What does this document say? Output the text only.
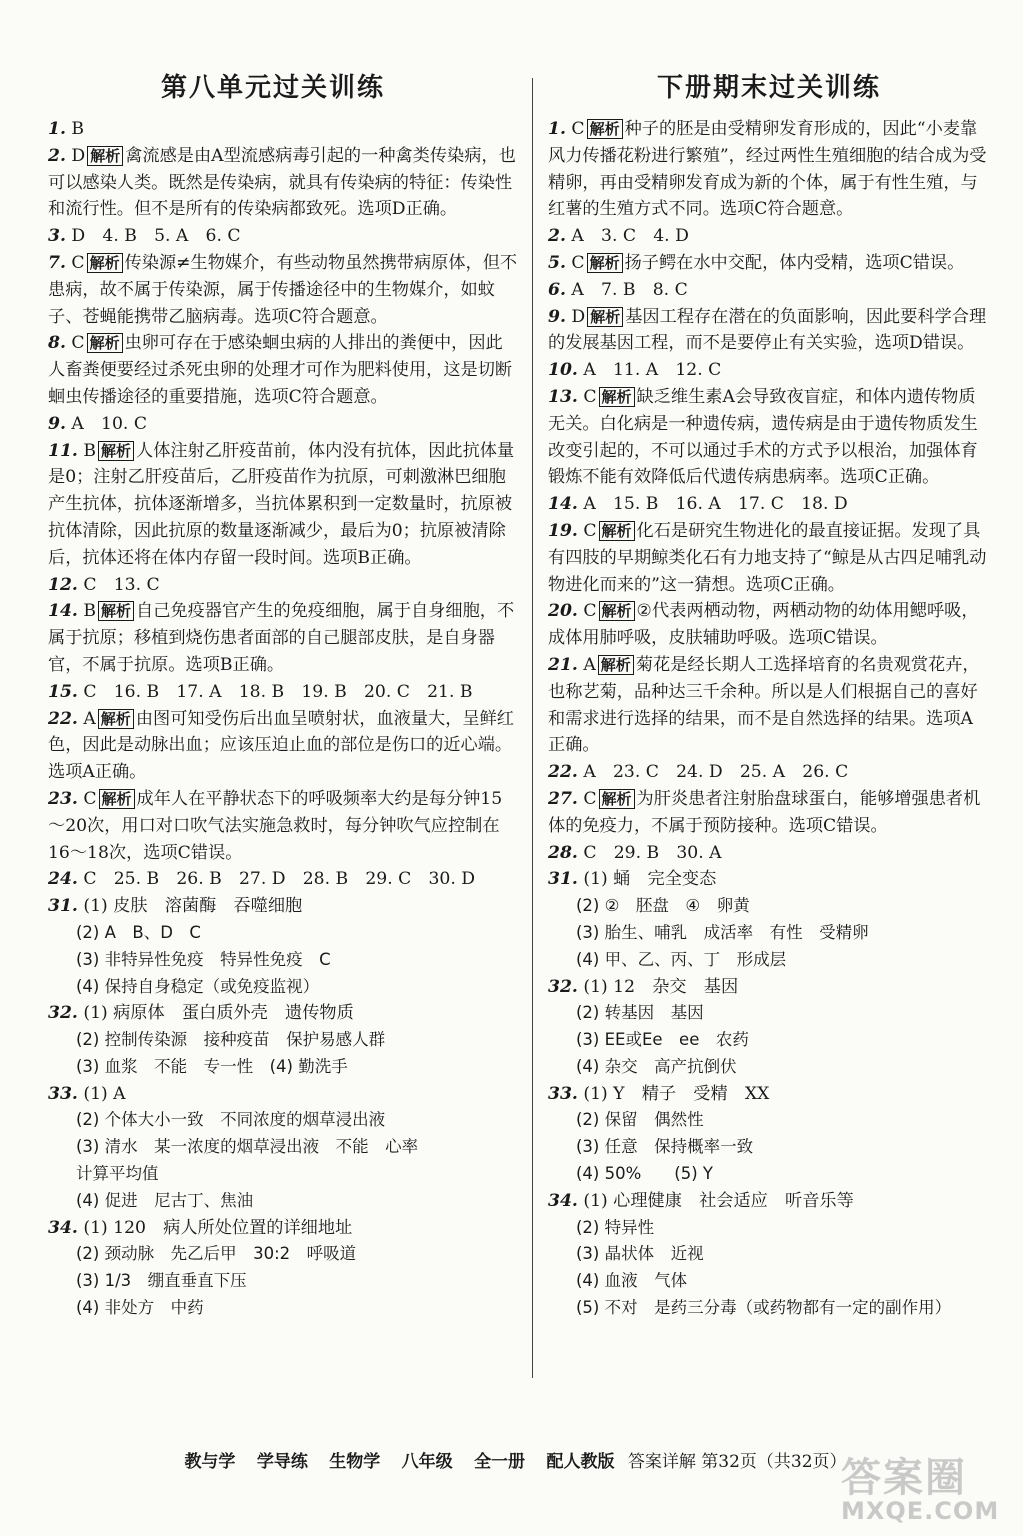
第八单元过关训练
1. B
2. D 解析 禽流感是由A型流感病毒引起的一种禽类传染病，也可以感染人类。既然是传染病，就具有传染病的特征：传染性和流行性。但不是所有的传染病都致死。选项D正确。
3. D　4. B　5. A　6. C
7. C 解析 传染源≠生物媒介，有些动物虽然携带病原体，但不患病，故不属于传染源，属于传播途径中的生物媒介，如蚊子、苍蝇能携带乙脑病毒。选项C符合题意。
8. C 解析 虫卵可存在于感染蛔虫病的人排出的粪便中，因此人畜粪便要经过杀死虫卵的处理才可作为肥料使用，这是切断蛔虫传播途径的重要措施，选项C符合题意。
9. A　10. C
11. B 解析 人体注射乙肝疫苗前，体内没有抗体，因此抗体量是0；注射乙肝疫苗后，乙肝疫苗作为抗原，可刺激淋巴细胞产生抗体，抗体逐渐增多，当抗体累积到一定数量时，抗原被抗体清除，因此抗原的数量逐渐减少，最后为0；抗原被清除后，抗体还将在体内存留一段时间。选项B正确。
12. C　13. C
14. B 解析 自己免疫器官产生的免疫细胞，属于自身细胞，不属于抗原；移植到烧伤患者面部的自己腿部皮肤，是自身器官，不属于抗原。选项B正确。
15. C　16. B　17. A　18. B　19. B　20. C　21. B
22. A 解析 由图可知受伤后出血呈喷射状，血液量大，呈鲜红色，因此是动脉出血；应该压迫止血的部位是伤口的近心端。选项A正确。
23. C 解析 成年人在平静状态下的呼吸频率大约是每分钟15～20次，用口对口吹气法实施急救时，每分钟吹气应控制在16～18次，选项C错误。
24. C　25. B　26. B　27. D　28. B　29. C　30. D
31. (1) 皮肤　溶菌酶　吞噬细胞
(2) A　B、D　C
(3) 非特异性免疫　特异性免疫　C
(4) 保持自身稳定（或免疫监视）
32. (1) 病原体　蛋白质外壳　遗传物质
(2) 控制传染源　接种疫苗　保护易感人群
(3) 血浆　不能　专一性　(4) 勤洗手
33. (1) A
(2) 个体大小一致　不同浓度的烟草浸出液
(3) 清水　某一浓度的烟草浸出液　不能　心率
计算平均值
(4) 促进　尼古丁、焦油
34. (1) 120　病人所处位置的详细地址
(2) 颈动脉　先乙后甲　30:2　呼吸道
(3) 1/3　绷直垂直下压
(4) 非处方　中药
下册期末过关训练
1. C 解析 种子的胚是由受精卵发育形成的，因此“小麦靠风力传播花粉进行繁殖”，经过两性生殖细胞的结合成为受精卵，再由受精卵发育成为新的个体，属于有性生殖，与红薯的生殖方式不同。选项C符合题意。
2. A　3. C　4. D
5. C 解析 扬子鳄在水中交配，体内受精，选项C错误。
6. A　7. B　8. C
9. D 解析 基因工程存在潜在的负面影响，因此要科学合理的发展基因工程，而不是要停止有关实验，选项D错误。
10. A　11. A　12. C
13. C 解析 缺乏维生素A会导致夜盲症，和体内遗传物质无关。白化病是一种遗传病，遗传病是由于遗传物质发生改变引起的，不可以通过手术的方式予以根治，加强体育锻炼不能有效降低后代遗传病患病率。选项C正确。
14. A　15. B　16. A　17. C　18. D
19. C 解析 化石是研究生物进化的最直接证据。发现了具有四肢的早期鲸类化石有力地支持了“鲸是从古四足哺乳动物进化而来的”这一猜想。选项C正确。
20. C 解析 ②代表两栖动物，两栖动物的幼体用鳃呼吸，成体用肺呼吸，皮肤辅助呼吸。选项C错误。
21. A 解析 菊花是经长期人工选择培育的名贵观赏花卉，也称艺菊，品种达三千余种。所以是人们根据自己的喜好和需求进行选择的结果，而不是自然选择的结果。选项A正确。
22. A　23. C　24. D　25. A　26. C
27. C 解析 为肝炎患者注射胎盘球蛋白，能够增强患者机体的免疫力，不属于预防接种。选项C错误。
28. C　29. B　30. A
31. (1) 蛹　完全变态
(2) ②　胚盘　④　卵黄
(3) 胎生、哺乳　成活率　有性　受精卵
(4) 甲、乙、丙、丁　形成层
32. (1) 12　杂交　基因
(2) 转基因　基因
(3) EE或Ee　ee　农药
(4) 杂交　高产抗倒伏
33. (1) Y　精子　受精　XX
(2) 保留　偶然性
(3) 任意　保持概率一致
(4) 50%　　(5) Y
34. (1) 心理健康　社会适应　听音乐等
(2) 特异性
(3) 晶状体　近视
(4) 血液　气体
(5) 不对　是药三分毒（或药物都有一定的副作用）
教与学 学导练 生物学 八年级 全一册 配人教版 答案详解 第32页（共32页）
答案圈
MXQE.COM
